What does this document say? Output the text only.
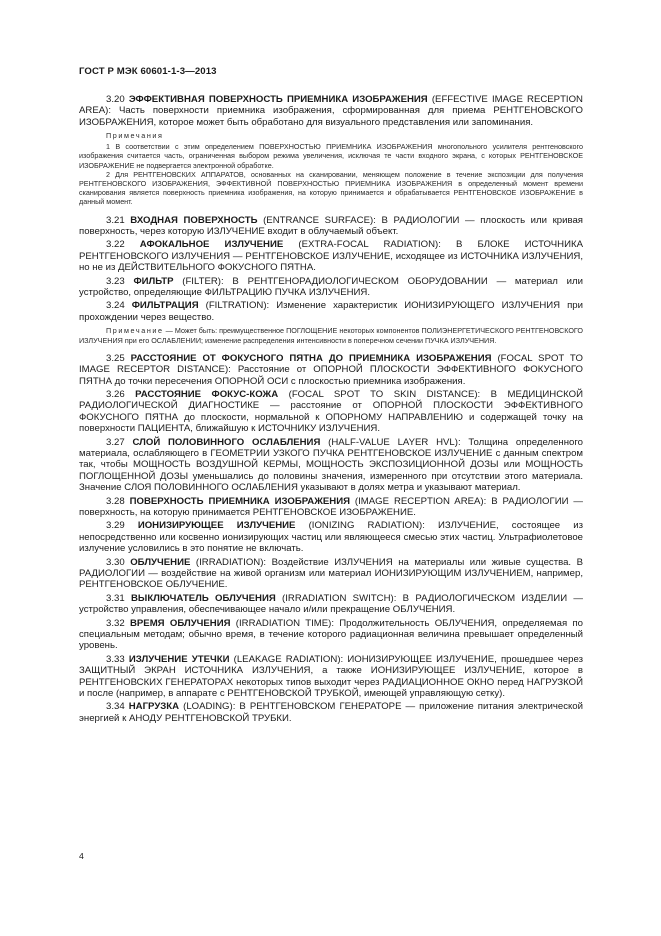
ГОСТ Р МЭК 60601-1-3—2013

3.20 ЭФФЕКТИВНАЯ ПОВЕРХНОСТЬ ПРИЕМНИКА ИЗОБРАЖЕНИЯ (EFFECTIVE IMAGE RECEPTION AREA): Часть поверхности приемника изображения, сформированная для приема РЕНТГЕНОВСКОГО ИЗОБРАЖЕНИЯ, которое может быть обработано для визуального представления или запоминания.

Примечания

1 В соответствии с этим определением ПОВЕРХНОСТЬЮ ПРИЕМНИКА ИЗОБРАЖЕНИЯ многопольного усилителя рентгеновского изображения считается часть, ограниченная выбором режима увеличения, исключая те части входного экрана, с которых РЕНТГЕНОВСКОЕ ИЗОБРАЖЕНИЕ не подвергается электронной обработке.

2 Для РЕНТГЕНОВСКИХ АППАРАТОВ, основанных на сканировании, меняющем положение в течение экспозиции для получения РЕНТГЕНОВСКОГО ИЗОБРАЖЕНИЯ, ЭФФЕКТИВНОЙ ПОВЕРХНОСТЬЮ ПРИЕМНИКА ИЗОБРАЖЕНИЯ в определенный момент времени сканирования является поверхность приемника изображения, на которую принимается и обрабатывается РЕНТГЕНОВСКОЕ ИЗОБРАЖЕНИЕ в данный момент.

3.21 ВХОДНАЯ ПОВЕРХНОСТЬ (ENTRANCE SURFACE): В РАДИОЛОГИИ — плоскость или кривая поверхность, через которую ИЗЛУЧЕНИЕ входит в облучаемый объект.

3.22 АФОКАЛЬНОЕ ИЗЛУЧЕНИЕ (EXTRA-FOCAL RADIATION): В БЛОКЕ ИСТОЧНИКА РЕНТГЕНОВСКОГО ИЗЛУЧЕНИЯ — РЕНТГЕНОВСКОЕ ИЗЛУЧЕНИЕ, исходящее из ИСТОЧНИКА ИЗЛУЧЕНИЯ, но не из ДЕЙСТВИТЕЛЬНОГО ФОКУСНОГО ПЯТНА.

3.23 ФИЛЬТР (FILTER): В РЕНТГЕНОРАДИОЛОГИЧЕСКОМ ОБОРУДОВАНИИ — материал или устройство, определяющие ФИЛЬТРАЦИЮ ПУЧКА ИЗЛУЧЕНИЯ.

3.24 ФИЛЬТРАЦИЯ (FILTRATION): Изменение характеристик ИОНИЗИРУЮЩЕГО ИЗЛУЧЕНИЯ при прохождении через вещество.

Примечание — Может быть: преимущественное ПОГЛОЩЕНИЕ некоторых компонентов ПОЛИЭНЕРГЕТИЧЕСКОГО РЕНТГЕНОВСКОГО ИЗЛУЧЕНИЯ при его ОСЛАБЛЕНИИ; изменение распределения интенсивности в поперечном сечении ПУЧКА ИЗЛУЧЕНИЯ.

3.25 РАССТОЯНИЕ ОТ ФОКУСНОГО ПЯТНА ДО ПРИЕМНИКА ИЗОБРАЖЕНИЯ (FOCAL SPOT TO IMAGE RECEPTOR DISTANCE): Расстояние от ОПОРНОЙ ПЛОСКОСТИ ЭФФЕКТИВНОГО ФОКУСНОГО ПЯТНА до точки пересечения ОПОРНОЙ ОСИ с плоскостью приемника изображения.

3.26 РАССТОЯНИЕ ФОКУС-КОЖА (FOCAL SPOT TO SKIN DISTANCE): В МЕДИЦИНСКОЙ РАДИОЛОГИЧЕСКОЙ ДИАГНОСТИКЕ — расстояние от ОПОРНОЙ ПЛОСКОСТИ ЭФФЕКТИВНОГО ФОКУСНОГО ПЯТНА до плоскости, нормальной к ОПОРНОМУ НАПРАВЛЕНИЮ и содержащей точку на поверхности ПАЦИЕНТА, ближайшую к ИСТОЧНИКУ ИЗЛУЧЕНИЯ.

3.27 СЛОЙ ПОЛОВИННОГО ОСЛАБЛЕНИЯ (HALF-VALUE LAYER HVL): Толщина определенного материала, ослабляющего в ГЕОМЕТРИИ УЗКОГО ПУЧКА РЕНТГЕНОВСКОЕ ИЗЛУЧЕНИЕ с данным спектром так, чтобы МОЩНОСТЬ ВОЗДУШНОЙ КЕРМЫ, МОЩНОСТЬ ЭКСПОЗИЦИОННОЙ ДОЗЫ или МОЩНОСТЬ ПОГЛОЩЕННОЙ ДОЗЫ уменьшались до половины значения, измеренного при отсутствии этого материала. Значение СЛОЯ ПОЛОВИННОГО ОСЛАБЛЕНИЯ указывают в долях метра и указывают материал.

3.28 ПОВЕРХНОСТЬ ПРИЕМНИКА ИЗОБРАЖЕНИЯ (IMAGE RECEPTION AREA): В РАДИОЛОГИИ — поверхность, на которую принимается РЕНТГЕНОВСКОЕ ИЗОБРАЖЕНИЕ.

3.29 ИОНИЗИРУЮЩЕЕ ИЗЛУЧЕНИЕ (IONIZING RADIATION): ИЗЛУЧЕНИЕ, состоящее из непосредственно или косвенно ионизирующих частиц или являющееся смесью этих частиц. Ультрафиолетовое излучение условились в это понятие не включать.

3.30 ОБЛУЧЕНИЕ (IRRADIATION): Воздействие ИЗЛУЧЕНИЯ на материалы или живые существа. В РАДИОЛОГИИ — воздействие на живой организм или материал ИОНИЗИРУЮЩИМ ИЗЛУЧЕНИЕМ, например, РЕНТГЕНОВСКОЕ ОБЛУЧЕНИЕ.

3.31 ВЫКЛЮЧАТЕЛЬ ОБЛУЧЕНИЯ (IRRADIATION SWITCH): В РАДИОЛОГИЧЕСКОМ ИЗДЕЛИИ — устройство управления, обеспечивающее начало и/или прекращение ОБЛУЧЕНИЯ.

3.32 ВРЕМЯ ОБЛУЧЕНИЯ (IRRADIATION TIME): Продолжительность ОБЛУЧЕНИЯ, определяемая по специальным методам; обычно время, в течение которого радиационная величина превышает определенный уровень.

3.33 ИЗЛУЧЕНИЕ УТЕЧКИ (LEAKAGE RADIATION): ИОНИЗИРУЮЩЕЕ ИЗЛУЧЕНИЕ, прошедшее через ЗАЩИТНЫЙ ЭКРАН ИСТОЧНИКА ИЗЛУЧЕНИЯ, а также ИОНИЗИРУЮЩЕЕ ИЗЛУЧЕНИЕ, которое в РЕНТГЕНОВСКИХ ГЕНЕРАТОРАХ некоторых типов выходит через РАДИАЦИОННОЕ ОКНО перед НАГРУЗКОЙ и после (например, в аппарате с РЕНТГЕНОВСКОЙ ТРУБКОЙ, имеющей управляющую сетку).

3.34 НАГРУЗКА (LOADING): В РЕНТГЕНОВСКОМ ГЕНЕРАТОРЕ — приложение питания электрической энергией к АНОДУ РЕНТГЕНОВСКОЙ ТРУБКИ.

4
